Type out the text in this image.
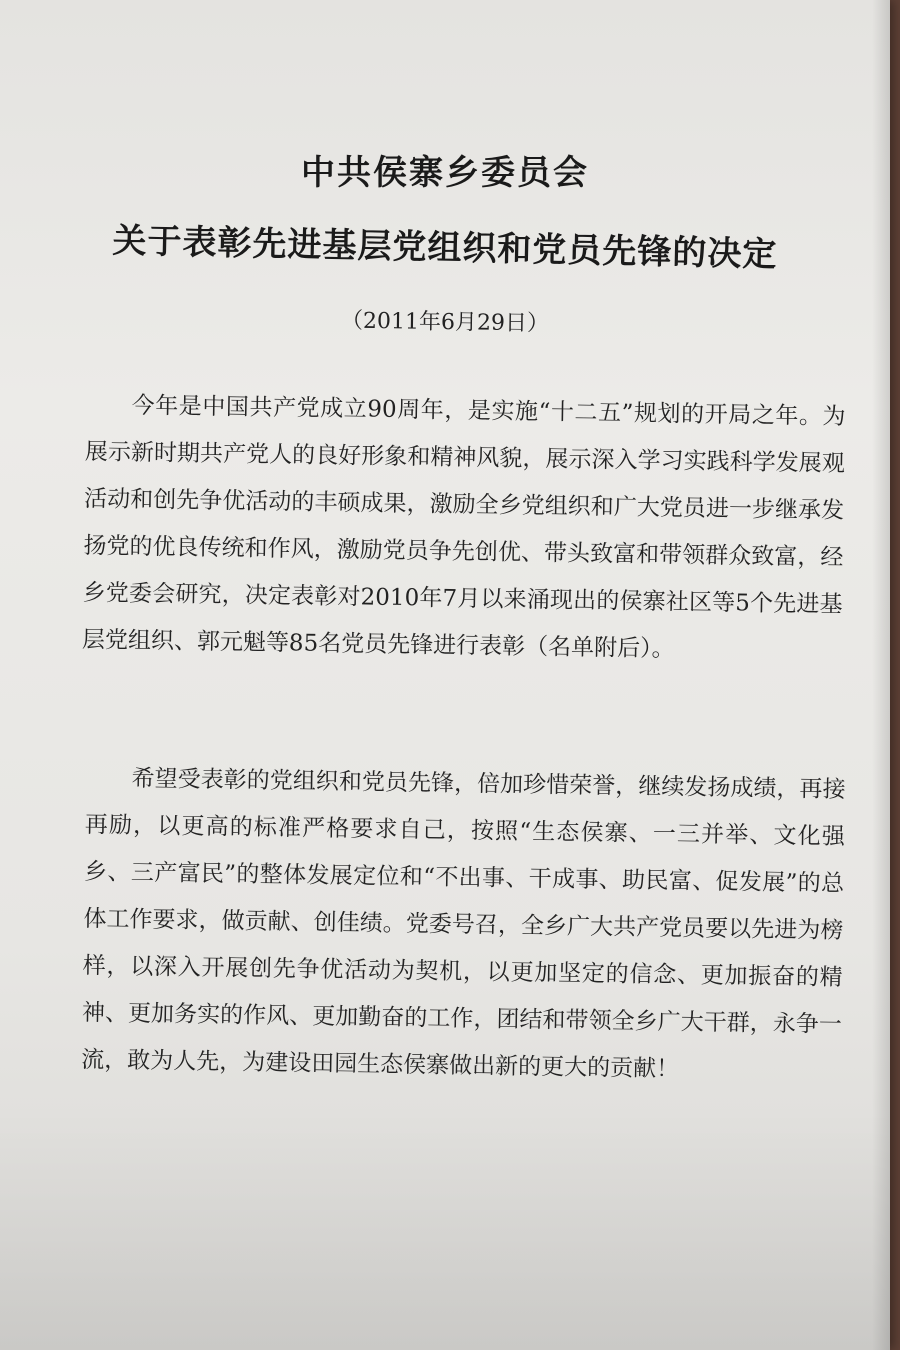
中共侯寨乡委员会
关于表彰先进基层党组织和党员先锋的决定
（2011年6月29日）
今年是中国共产党成立90周年，是实施“十二五”规划的开局之年。为展示新时期共产党人的良好形象和精神风貌，展示深入学习实践科学发展观活动和创先争优活动的丰硕成果，激励全乡党组织和广大党员进一步继承发扬党的优良传统和作风，激励党员争先创优、带头致富和带领群众致富，经乡党委会研究，决定表彰对2010年7月以来涌现出的侯寨社区等5个先进基层党组织、郭元魁等85名党员先锋进行表彰（名单附后）。
希望受表彰的党组织和党员先锋，倍加珍惜荣誉，继续发扬成绩，再接再励，以更高的标准严格要求自己，按照“生态侯寨、一三并举、文化强乡、三产富民”的整体发展定位和“不出事、干成事、助民富、促发展”的总体工作要求，做贡献、创佳绩。党委号召，全乡广大共产党员要以先进为榜样，以深入开展创先争优活动为契机，以更加坚定的信念、更加振奋的精神、更加务实的作风、更加勤奋的工作，团结和带领全乡广大干群，永争一流，敢为人先，为建设田园生态侯寨做出新的更大的贡献！
